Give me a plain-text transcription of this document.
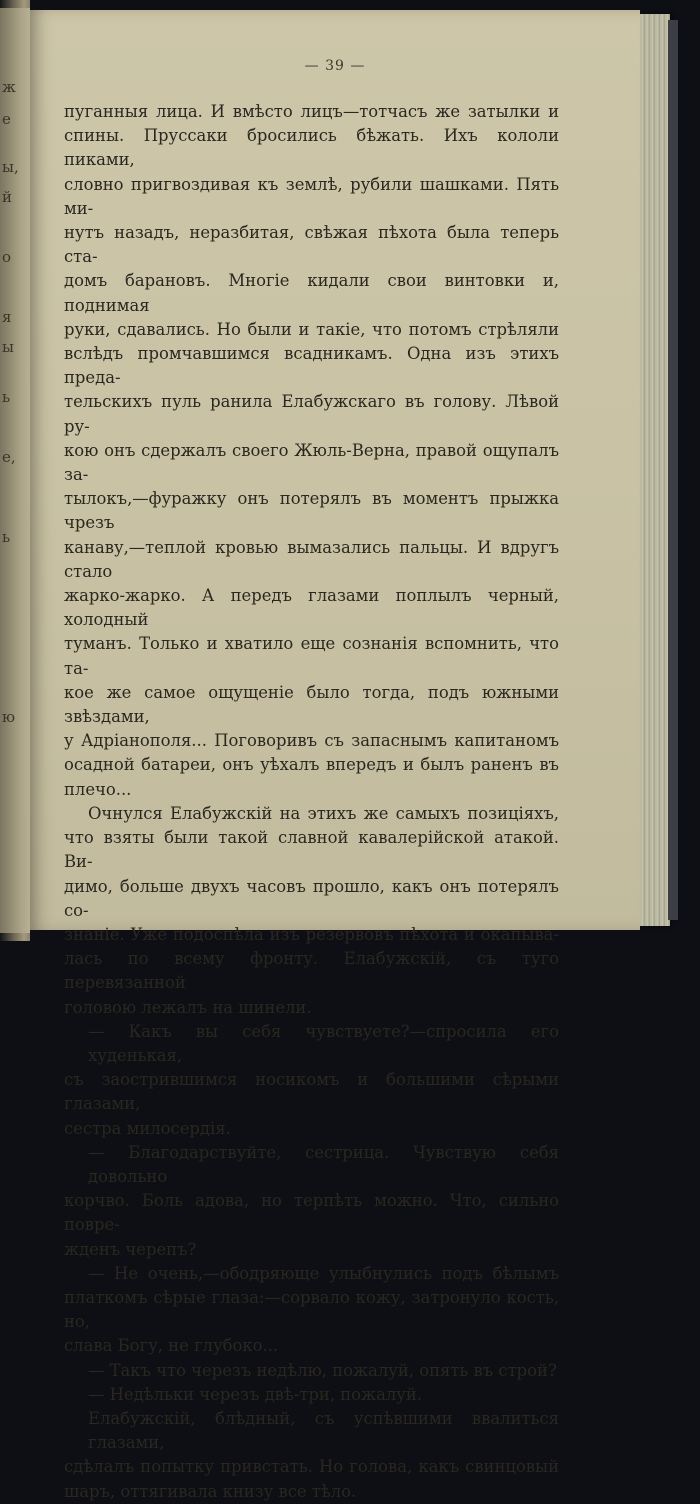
ж
е
ы,
й
о
я
ы
ь
е,
ь
ю
— 39 —
пуганныя лица. И вмѣсто лицъ—тотчасъ же затылки и
спины. Пруссаки бросились бѣжать. Ихъ кололи пиками,
словно пригвоздивая къ землѣ, рубили шашками. Пять ми-
нутъ назадъ, неразбитая, свѣжая пѣхота была теперь ста-
домъ барановъ. Многіе кидали свои винтовки и, поднимая
руки, сдавались. Но были и такіе, что потомъ стрѣляли
вслѣдъ промчавшимся всадникамъ. Одна изъ этихъ преда-
тельскихъ пуль ранила Елабужскаго въ голову. Лѣвой ру-
кою онъ сдержалъ своего Жюль-Верна, правой ощупалъ за-
тылокъ,—фуражку онъ потерялъ въ моментъ прыжка чрезъ
канаву,—теплой кровью вымазались пальцы. И вдругъ стало
жарко-жарко. А передъ глазами поплылъ черный, холодный
туманъ. Только и хватило еще сознанія вспомнить, что та-
кое же самое ощущеніе было тогда, подъ южными звѣздами,
у Адріанополя... Поговоривъ съ запаснымъ капитаномъ
осадной батареи, онъ уѣхалъ впередъ и былъ раненъ въ
плечо...
Очнулся Елабужскій на этихъ же самыхъ позиціяхъ,
что взяты были такой славной кавалерійской атакой. Ви-
димо, больше двухъ часовъ прошло, какъ онъ потерялъ со-
знаніе. Уже подоспѣла изъ резервовъ пѣхота и окапыва-
лась по всему фронту. Елабужскій, съ туго перевязанной
головою лежалъ на шинели.
— Какъ вы себя чувствуете?—спросила его худенькая,
съ заострившимся носикомъ и большими сѣрыми глазами,
сестра милосердія.
— Благодарствуйте, сестрица. Чувствую себя довольно
корчво. Боль адова, но терпѣть можно. Что, сильно повре-
жденъ черепъ?
— Не очень,—ободряюще улыбнулись подъ бѣлымъ
платкомъ сѣрые глаза:—сорвало кожу, затронуло кость, но,
слава Богу, не глубоко...
— Такъ что черезъ недѣлю, пожалуй, опять въ строй?
— Недѣльки черезъ двѣ-три, пожалуй.
Елабужскій, блѣдный, съ успѣвшими ввалиться глазами,
сдѣлалъ попытку привстать. Но голова, какъ свинцовый
шаръ, оттягивала книзу все тѣло.
